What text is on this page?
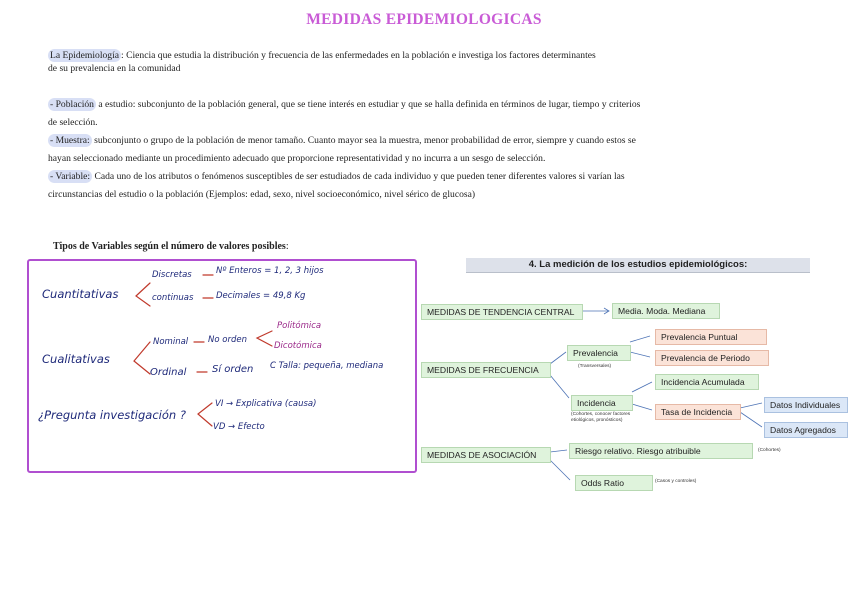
MEDIDAS EPIDEMIOLOGICAS
La Epidemiología : Ciencia que estudia la distribución y frecuencia de las enfermedades en la población e investiga los factores determinantes
de su prevalencia en la comunidad
- Población a estudio: subconjunto de la población general, que se tiene interés en estudiar y que se halla definida en términos de lugar, tiempo y criterios
de selección.
- Muestra: subconjunto o grupo de la población de menor tamaño. Cuanto mayor sea la muestra, menor probabilidad de error, siempre y cuando estos se
hayan seleccionado mediante un procedimiento adecuado que proporcione representatividad y no incurra a un sesgo de selección.
- Variable: Cada uno de los atributos o fenómenos susceptibles de ser estudiados de cada individuo y que pueden tener diferentes valores si varían las
circunstancias del estudio o la población (Ejemplos: edad, sexo, nivel socioeconómico, nivel sérico de glucosa)
Tipos de Variables según el número de valores posibles:
Cuantitativas
Discretas	Nº Enteros = 1, 2, 3 hijos
continuas	Decimales = 49,8 Kg
Cualitativas
Nominal No orden
Politómica
Dicotómica
Ordinal	Sí orden C Talla: pequeña, mediana
¿Pregunta investigación ?
VI → Explicativa (causa)
VD → Efecto
4. La medición de los estudios epidemiológicos:
MEDIDAS DE TENDENCIA CENTRAL	Media. Moda. Mediana
MEDIDAS DE FRECUENCIA
Prevalencia
(Transversales)
Prevalencia Puntual
Prevalencia de Periodo
Incidencia
(Cohortes, conocer factores
etiológicos, pronósticos)
Incidencia Acumulada
Tasa de Incidencia
Datos Individuales
Datos Agregados
MEDIDAS DE ASOCIACIÓN	Riesgo relativo. Riesgo atribuible	(Cohortes)
Odds Ratio	(Casos y controles)
